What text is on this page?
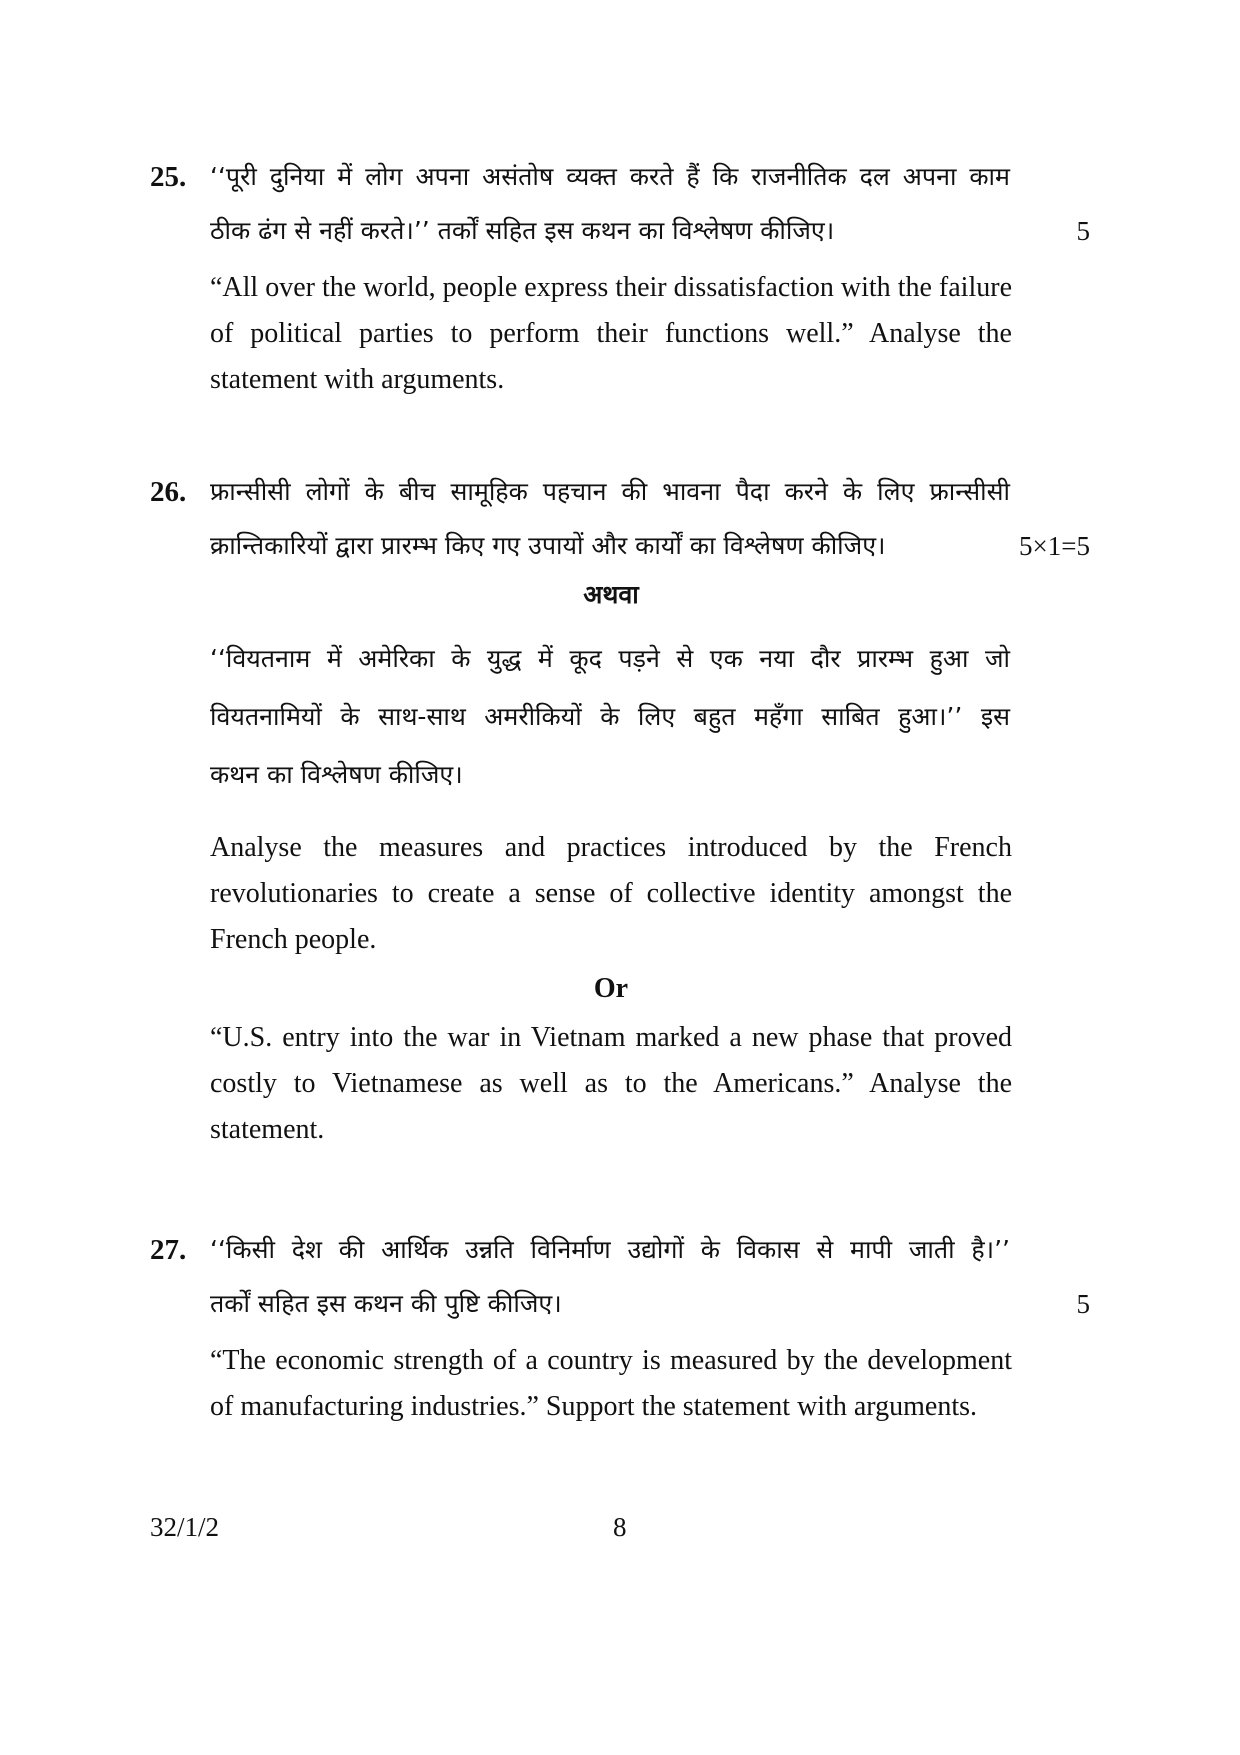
25. ‘‘पूरी दुनिया में लोग अपना असंतोष व्यक्त करते हैं कि राजनीतिक दल अपना काम
ठीक ढंग से नहीं करते।’’ तर्कों सहित इस कथन का विश्लेषण कीजिए।	5
“All over the world, people express their dissatisfaction with the failure of political parties to perform their functions well.” Analyse the statement with arguments.
26. फ्रान्सीसी लोगों के बीच सामूहिक पहचान की भावना पैदा करने के लिए फ्रान्सीसी
क्रान्तिकारियों द्वारा प्रारम्भ किए गए उपायों और कार्यों का विश्लेषण कीजिए।	5×1=5
अथवा
‘‘वियतनाम में अमेरिका के युद्ध में कूद पड़ने से एक नया दौर प्रारम्भ हुआ जो
वियतनामियों के साथ-साथ अमरीकियों के लिए बहुत महँगा साबित हुआ।’’ इस
कथन का विश्लेषण कीजिए।
Analyse the measures and practices introduced by the French revolutionaries to create a sense of collective identity amongst the French people.
Or
“U.S. entry into the war in Vietnam marked a new phase that proved costly to Vietnamese as well as to the Americans.” Analyse the statement.
27. ‘‘किसी देश की आर्थिक उन्नति विनिर्माण उद्योगों के विकास से मापी जाती है।’’
तर्कों सहित इस कथन की पुष्टि कीजिए।	5
“The economic strength of a country is measured by the development of manufacturing industries.” Support the statement with arguments.
32/1/2	8
